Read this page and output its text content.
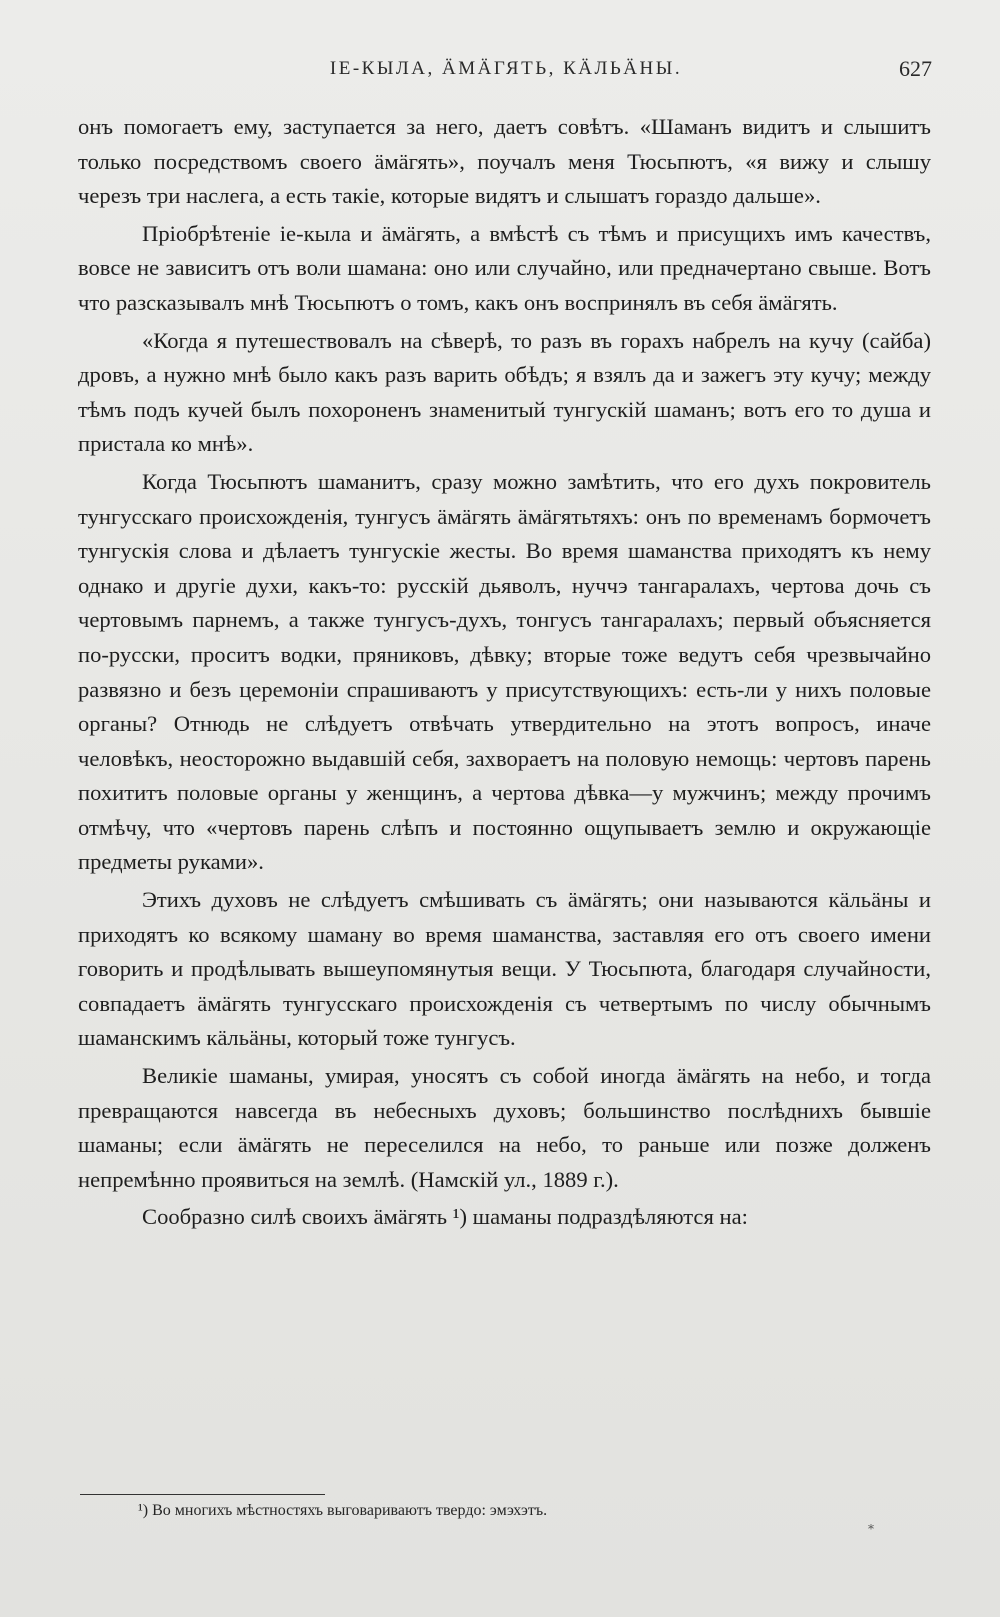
ІЕ-КЫЛА, ӒМӒГЯТЬ, КӒЛЬӒНЫ.	627

онъ помогаетъ ему, заступается за него, даетъ совѣтъ. «Шаманъ видитъ и слышитъ только посредствомъ своего ӓмӓгять», поучалъ меня Тюсьпютъ, «я вижу и слышу черезъ три наслега, а есть такіе, которые видятъ и слышатъ гораздо дальше».

Пріобрѣтеніе іе-кыла и ӓмӓгять, а вмѣстѣ съ тѣмъ и присущихъ имъ качествъ, вовсе не зависитъ отъ воли шамана: оно или случайно, или предначертано свыше. Вотъ что разсказывалъ мнѣ Тюсьпютъ о томъ, какъ онъ воспринялъ въ себя ӓмӓгять.

«Когда я путешествовалъ на сѣверѣ, то разъ въ горахъ набрелъ на кучу (сайба) дровъ, а нужно мнѣ было какъ разъ варить обѣдъ; я взялъ да и зажегъ эту кучу; между тѣмъ подъ кучей былъ похороненъ знаменитый тунгускій шаманъ; вотъ его то душа и пристала ко мнѣ».

Когда Тюсьпютъ шаманитъ, сразу можно замѣтить, что его духъ покровитель тунгусскаго происхожденія, тунгусъ ӓмӓгять ӓмӓгятьтяхъ: онъ по временамъ бормочетъ тунгускія слова и дѣлаетъ тунгускіе жесты. Во время шаманства приходятъ къ нему однако и другіе духи, какъ-то: русскій дьяволъ, нуччэ тангаралахъ, чертова дочь съ чертовымъ парнемъ, а также тунгусъ-духъ, тонгусъ тангаралахъ; первый объясняется по-русски, проситъ водки, пряниковъ, дѣвку; вторые тоже ведутъ себя чрезвычайно развязно и безъ церемоніи спрашиваютъ у присутствующихъ: есть-ли у нихъ половые органы? Отнюдь не слѣдуетъ отвѣчать утвердительно на этотъ вопросъ, иначе человѣкъ, неосторожно выдавшій себя, захвораетъ на половую немощь: чертовъ парень похититъ половые органы у женщинъ, а чертова дѣвка—у мужчинъ; между прочимъ отмѣчу, что «чертовъ парень слѣпъ и постоянно ощупываетъ землю и окружающіе предметы руками».

Этихъ духовъ не слѣдуетъ смѣшивать съ ӓмӓгять; они называются кӓльӓны и приходятъ ко всякому шаману во время шаманства, заставляя его отъ своего имени говорить и продѣлывать вышеупомянутыя вещи. У Тюсьпюта, благодаря случайности, совпадаетъ ӓмӓгять тунгусскаго происхожденія съ четвертымъ по числу обычнымъ шаманскимъ кӓльӓны, который тоже тунгусъ.

Великіе шаманы, умирая, уносятъ съ собой иногда ӓмӓгять на небо, и тогда превращаются навсегда въ небесныхъ духовъ; большинство послѣднихъ бывшіе шаманы; если ӓмӓгять не переселился на небо, то раньше или позже долженъ непремѣнно проявиться на землѣ. (Намскій ул., 1889 г.).

Сообразно силѣ своихъ ӓмӓгять ¹) шаманы подраздѣляются на:

¹) Во многихъ мѣстностяхъ выговариваютъ твердо: эмэхэтъ.
*
